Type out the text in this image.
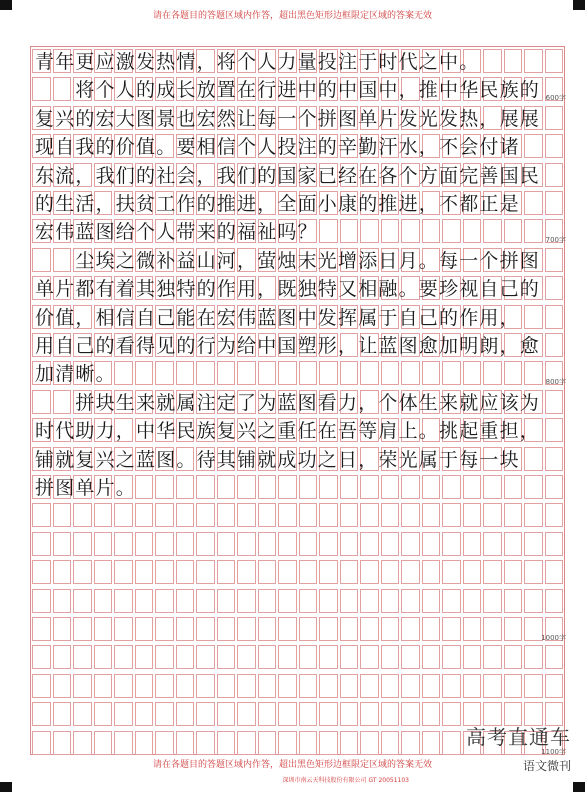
请在各题目的答题区域内作答，超出黑色矩形边框限定区域的答案无效
青年更应激发热情，将个人力量投注于时代之中。
　　将个人的成长放置在行进中的中国中，推中华民族的 600字
复兴的宏大图景也宏然让每一个拼图单片发光发热，展展
现自我的价值。要相信个人投注的辛勤汗水，不会付诸
东流，我们的社会，我们的国家已经在各个方面完善国民
的生活，扶贫工作的推进，全面小康的推进，不都正是
宏伟蓝图给个人带来的福祉吗？	700字
　　尘埃之微补益山河，萤烛末光增添日月。每一个拼图
单片都有着其独特的作用，既独特又相融。要珍视自己的
价值，相信自己能在宏伟蓝图中发挥属于自己的作用，
用自己的看得见的行为给中国塑形，让蓝图愈加明朗，愈
加清晰。	800字
　　拼块生来就属注定了为蓝图看力，个体生来就应该为
时代助力，中华民族复兴之重任在吾等肩上。挑起重担，
铺就复兴之蓝图。待其铺就成功之日，荣光属于每一块
拼图单片。
1000字
1100字
请在各题目的答题区域内作答，超出黑色矩形边框限定区域的答案无效
深圳市南云天科技股份有限公司 GT 20051103
高考直通车
语文微刊
